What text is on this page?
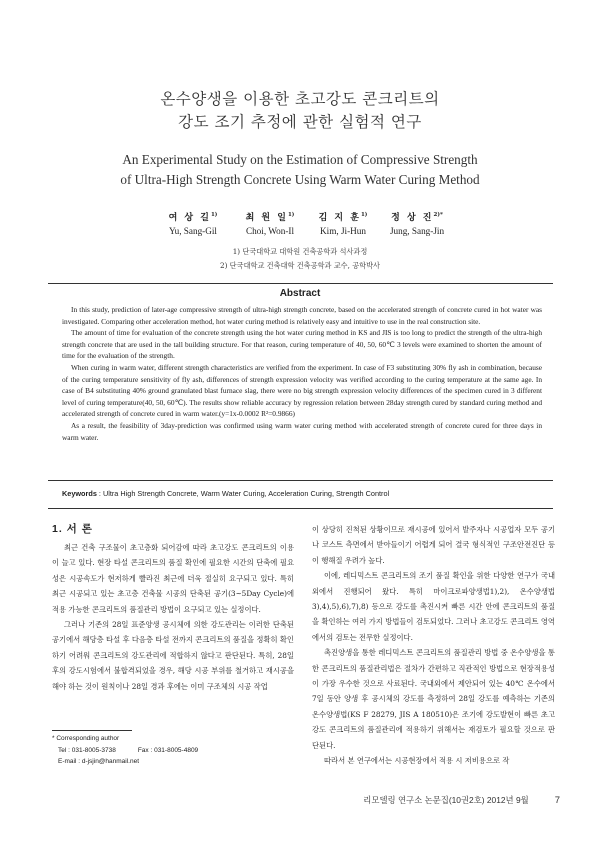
온수양생을 이용한 초고강도 콘크리트의
강도 조기 추정에 관한 실험적 연구
An Experimental Study on the Estimation of Compressive Strength
of Ultra-High Strength Concrete Using Warm Water Curing Method
여 상 길$^{1)}$
Yu, Sang-Gil
최 원 일$^{1)}$
Choi, Won-Il
김 지 훈$^{1)}$
Kim, Ji-Hun
정 상 진$^{2)*}$
Jung, Sang-Jin
1) 단국대학교 대학원 건축공학과 석사과정
2) 단국대학교 건축대학 건축공학과 교수, 공학박사
Abstract

In this study, prediction of later-age compressive strength of ultra-high strength concrete, based on the accelerated strength of concrete cured in hot water was investigated. Comparing other acceleration method, hot water curing method is relatively easy and intuitive to use in the real construction site.

The amount of time for evaluation of the concrete strength using the hot water curing method in KS and JIS is too long to predict the strength of the ultra-high strength concrete that are used in the tall building structure. For that reason, curing temperature of 40, 50, 60℃ 3 levels were examined to shorten the amount of time for the evaluation of the strength.

When curing in warm water, different strength characteristics are verified from the experiment. In case of F3 substituting 30% fly ash in combination, because of the curing temperature sensitivity of fly ash, differences of strength expression velocity was verified according to the curing temperature at the same age. In case of B4 substituting 40% ground granulated blast furnace slag, there were no big strength expression velocity differences of the specimen cured in 3 different level of curing temperature(40, 50, 60℃). The results show reliable accuracy by regression relation between 28day strength cured by standard curing method and accelerated strength of concrete cured in warm water.(y=1x-0.0002 R²=0.9866)

As a result, the feasibility of 3day-prediction was confirmed using warm water curing method with accelerated strength of concrete cured for three days in warm water.

Keywords : Ultra High Strength Concrete, Warm Water Curing, Acceleration Curing, Strength Control
1. 서 론

최근 건축 구조물이 초고층화 되어감에 따라 초고강도 콘크리트의 이용이 늘고 있다. 현장 타설 콘크리트의 품질 확인에 필요한 시간의 단축에 필요성은 시공속도가 현저하게 빨라진 최근에 더욱 절실히 요구되고 있다. 특히 최근 시공되고 있는 초고층 건축물 시공의 단축된 공기(3~5Day Cycle)에 적용 가능한 콘크리트의 품질관리 방법이 요구되고 있는 실정이다.

그러나 기존의 28일 표준양생 공시체에 의한 강도관리는 이러한 단축된 공기에서 해당층 타설 후 다음층 타설 전까지 콘크리트의 품질을 정확히 확인하기 어려워 콘크리트의 강도관리에 적합하지 않다고 판단된다. 특히, 28일 후의 강도시험에서 불합격되었을 경우, 해당 시공 부위를 철거하고 재시공을 해야 하는 것이 원칙이나 28일 경과 후에는 이미 구조체의 시공 작업

이 상당히 진척된 상황이므로 재시공에 있어서 발주자나 시공업자 모두 공기나 코스트 측면에서 받아들이기 어렵게 되어 결국 형식적인 구조안전진단 등이 행해질 우려가 높다.

이에, 레디믹스트 콘크리트의 조기 품질 확인을 위한 다양한 연구가 국내외에서 진행되어 왔다. 특히 마이크로파양생법1),2), 온수양생법3),4),5),6),7),8) 등으로 강도를 촉진시켜 빠른 시간 안에 콘크리트의 품질을 확인하는 여러 가지 방법들이 검토되었다. 그러나 초고강도 콘크리트 영역에서의 검토는 전무한 실정이다.

촉진양생을 통한 레디믹스트 콘크리트의 품질관리 방법 중 온수양생을 통한 콘크리트의 품질관리법은 절차가 간편하고 직관적인 방법으로 현장적용성이 가장 우수한 것으로 사료된다. 국내외에서 제안되어 있는 40℃ 온수에서 7일 동안 양생 후 공시체의 강도를 측정하여 28일 강도를 예측하는 기존의 온수양생법(KS F 28279, JIS A 180510)은 조기에 강도발현이 빠른 초고강도 콘크리트의 품질관리에 적용하기 위해서는 재검토가 필요할 것으로 판단된다.

따라서 본 연구에서는 시공현장에서 적용 시 저비용으로 작

* Corresponding author
Tel : 031-8005-3738	Fax : 031-8005-4809
E-mail : d-jsjin@hanmail.net
리모델링 연구소 논문집(10권2호) 2012년 9월	7
